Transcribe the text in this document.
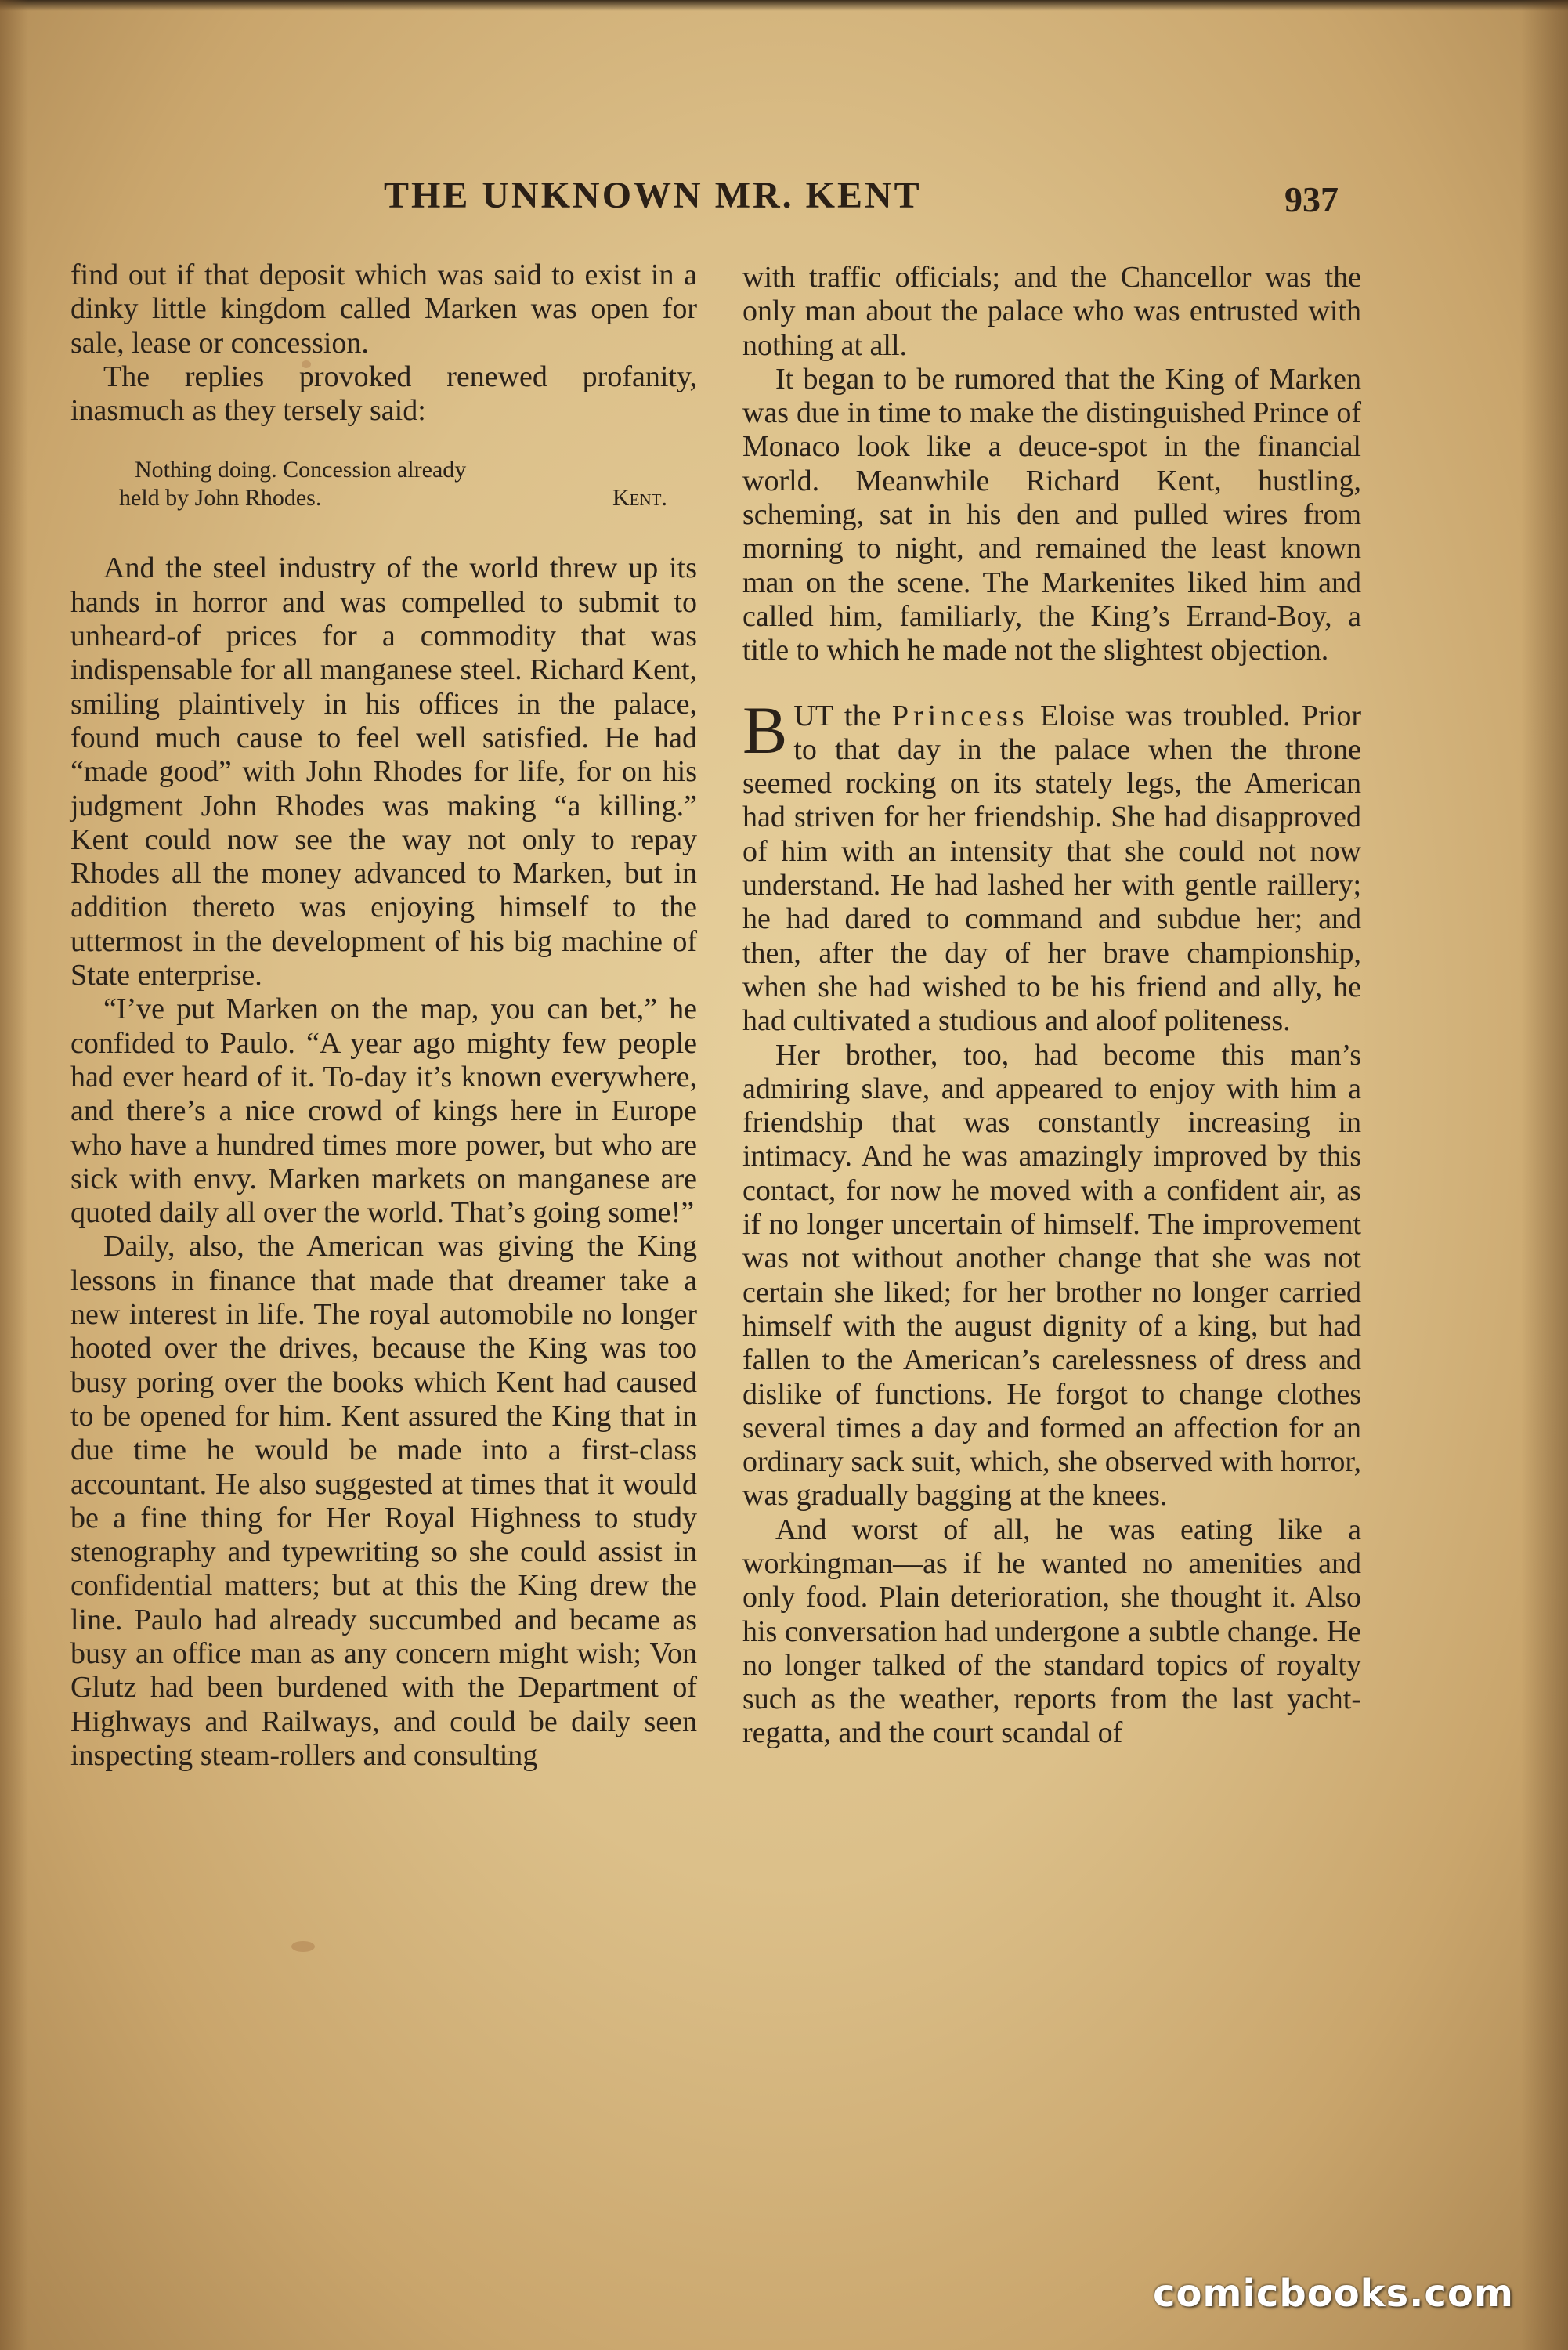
THE UNKNOWN MR. KENT	937

find out if that deposit which was said to exist in a dinky little kingdom called Marken was open for sale, lease or concession.

The replies provoked renewed profanity, inasmuch as they tersely said:

Nothing doing. Concession already
held by John Rhodes.	Kent.

And the steel industry of the world threw up its hands in horror and was compelled to submit to unheard-of prices for a commodity that was indispensable for all manganese steel. Richard Kent, smiling plaintively in his offices in the palace, found much cause to feel well satisfied. He had “made good” with John Rhodes for life, for on his judgment John Rhodes was making “a killing.” Kent could now see the way not only to repay Rhodes all the money advanced to Marken, but in addition thereto was enjoying himself to the uttermost in the development of his big machine of State enterprise.

“I’ve put Marken on the map, you can bet,” he confided to Paulo. “A year ago mighty few people had ever heard of it. To-day it’s known everywhere, and there’s a nice crowd of kings here in Europe who have a hundred times more power, but who are sick with envy. Marken markets on manganese are quoted daily all over the world. That’s going some!”

Daily, also, the American was giving the King lessons in finance that made that dreamer take a new interest in life. The royal automobile no longer hooted over the drives, because the King was too busy poring over the books which Kent had caused to be opened for him. Kent assured the King that in due time he would be made into a first-class accountant. He also suggested at times that it would be a fine thing for Her Royal Highness to study stenography and typewriting so she could assist in confidential matters; but at this the King drew the line. Paulo had already succumbed and became as busy an office man as any concern might wish; Von Glutz had been burdened with the Department of Highways and Railways, and could be daily seen inspecting steam-rollers and consulting

with traffic officials; and the Chancellor was the only man about the palace who was entrusted with nothing at all.

It began to be rumored that the King of Marken was due in time to make the distinguished Prince of Monaco look like a deuce-spot in the financial world. Meanwhile Richard Kent, hustling, scheming, sat in his den and pulled wires from morning to night, and remained the least known man on the scene. The Markenites liked him and called him, familiarly, the King’s Errand-Boy, a title to which he made not the slightest objection.

BUT the Princess Eloise was troubled. Prior to that day in the palace when the throne seemed rocking on its stately legs, the American had striven for her friendship. She had disapproved of him with an intensity that she could not now understand. He had lashed her with gentle raillery; he had dared to command and subdue her; and then, after the day of her brave championship, when she had wished to be his friend and ally, he had cultivated a studious and aloof politeness.

Her brother, too, had become this man’s admiring slave, and appeared to enjoy with him a friendship that was constantly increasing in intimacy. And he was amazingly improved by this contact, for now he moved with a confident air, as if no longer uncertain of himself. The improvement was not without another change that she was not certain she liked; for her brother no longer carried himself with the august dignity of a king, but had fallen to the American’s carelessness of dress and dislike of functions. He forgot to change clothes several times a day and formed an affection for an ordinary sack suit, which, she observed with horror, was gradually bagging at the knees.

And worst of all, he was eating like a workingman—as if he wanted no amenities and only food. Plain deterioration, she thought it. Also his conversation had undergone a subtle change. He no longer talked of the standard topics of royalty such as the weather, reports from the last yacht-regatta, and the court scandal of

comicbooks.com
